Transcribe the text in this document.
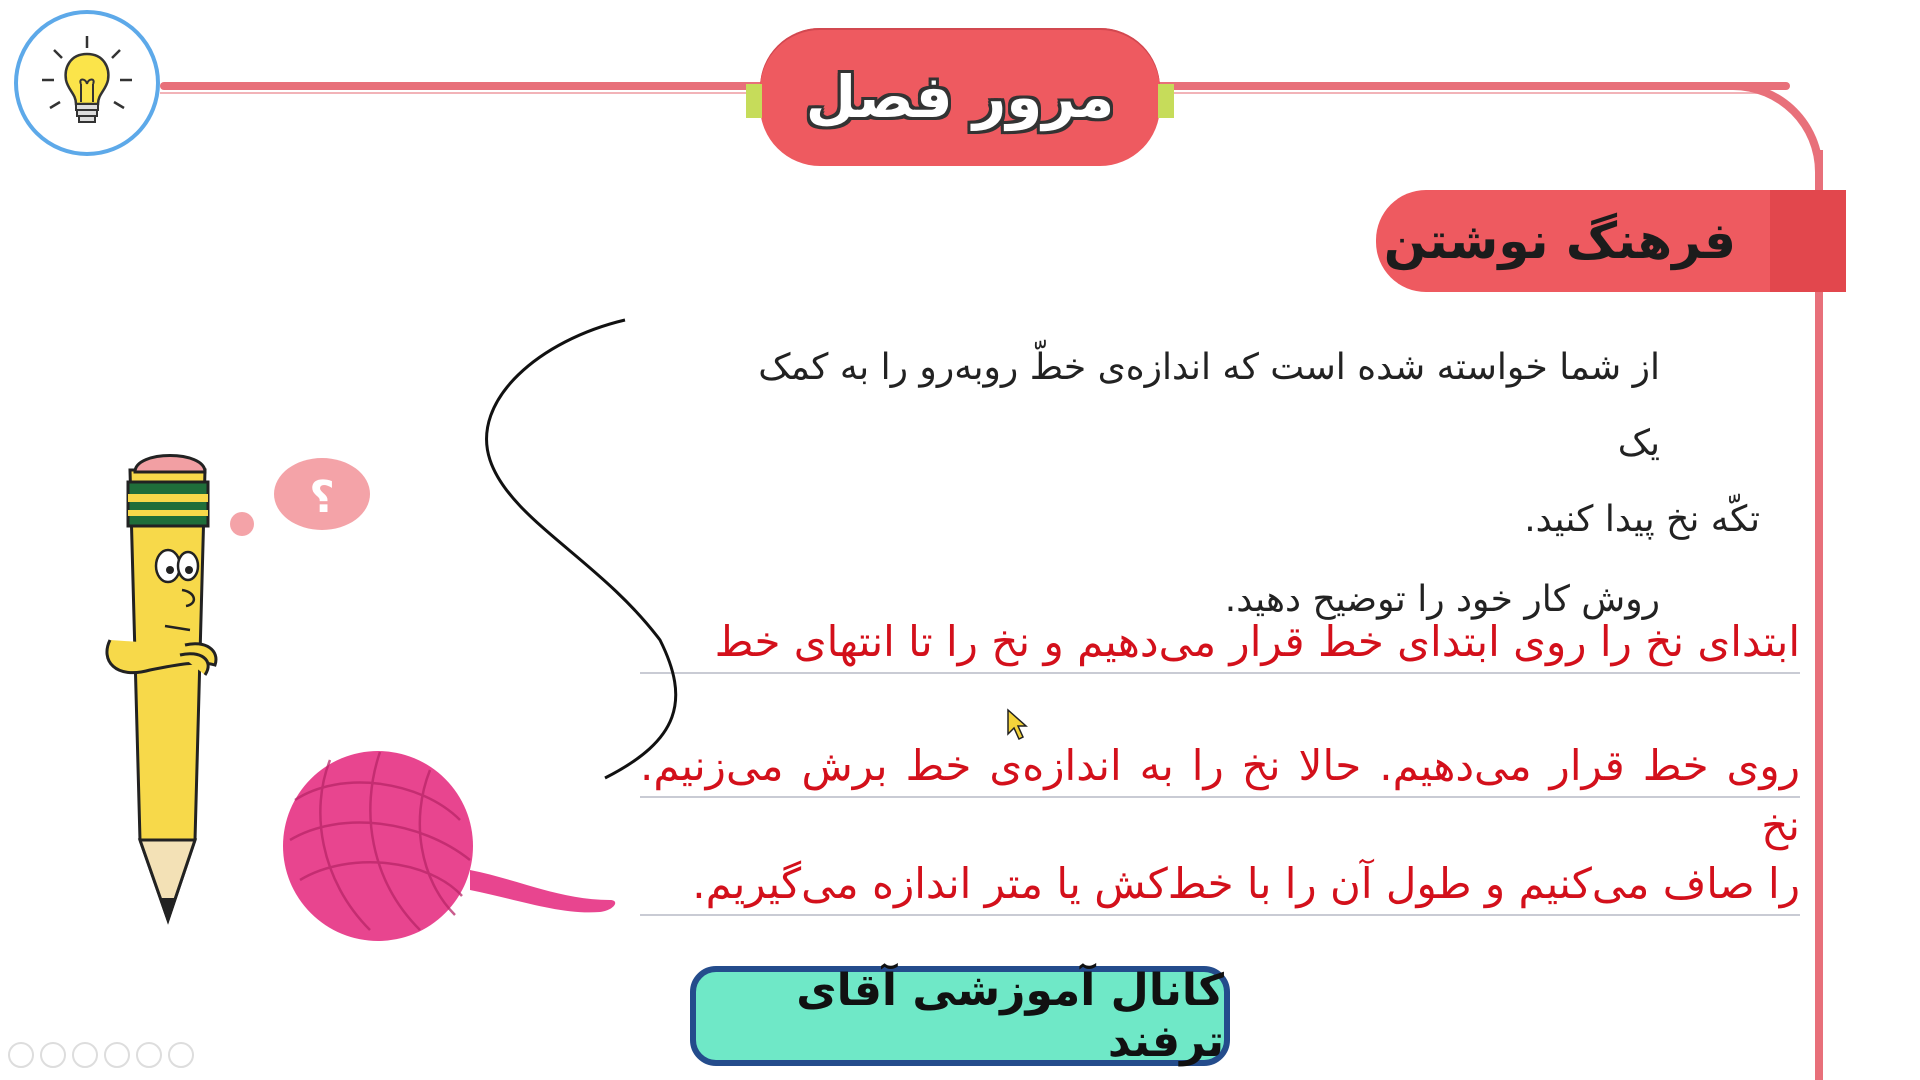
مرور فصل
فرهنگ نوشتن

از شما خواسته شده است که اندازه‌ی خطّ روبه‌رو را به کمک یک

تکّه نخ پیدا کنید.

روش کار خود را توضیح دهید.

ابتدای نخ را روی ابتدای خط قرار می‌دهیم و نخ را تا انتهای خط
روی خط قرار می‌دهیم. حالا نخ را به اندازه‌ی خط برش می‌زنیم. نخ
را صاف می‌کنیم و طول آن را با خط‌کش یا متر اندازه می‌گیریم.
؟
کانال آموزشی آقای ترفند
